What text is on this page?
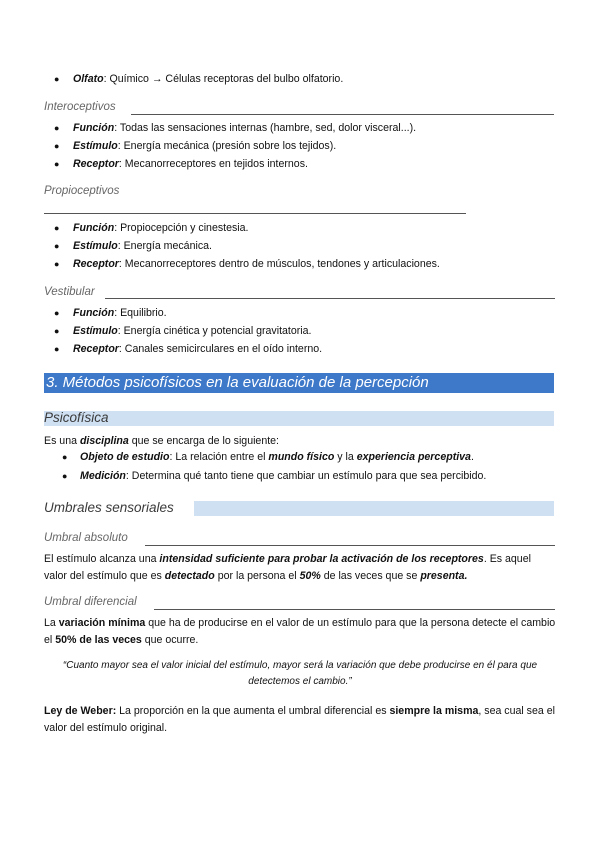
● Olfato: Químico → Células receptoras del bulbo olfatorio.
Interoceptivos
● Función: Todas las sensaciones internas (hambre, sed, dolor visceral...).
● Estímulo: Energía mecánica (presión sobre los tejidos).
● Receptor: Mecanorreceptores en tejidos internos.
Propioceptivos
● Función: Propiocepción y cinestesia.
● Estímulo: Energía mecánica.
● Receptor: Mecanorreceptores dentro de músculos, tendones y articulaciones.
Vestibular
● Función: Equilibrio.
● Estímulo: Energía cinética y potencial gravitatoria.
● Receptor: Canales semicirculares en el oído interno.
3. Métodos psicofísicos en la evaluación de la percepción
Psicofísica
Es una disciplina que se encarga de lo siguiente:
● Objeto de estudio: La relación entre el mundo físico y la experiencia perceptiva.
● Medición: Determina qué tanto tiene que cambiar un estímulo para que sea percibido.
Umbrales sensoriales
Umbral absoluto
El estímulo alcanza una intensidad suficiente para probar la activación de los receptores. Es aquel valor del estímulo que es detectado por la persona el 50% de las veces que se presenta.
Umbral diferencial
La variación mínima que ha de producirse en el valor de un estímulo para que la persona detecte el cambio el 50% de las veces que ocurre.
“Cuanto mayor sea el valor inicial del estímulo, mayor será la variación que debe producirse en él para que detectemos el cambio.”
Ley de Weber: La proporción en la que aumenta el umbral diferencial es siempre la misma, sea cual sea el valor del estímulo original.
